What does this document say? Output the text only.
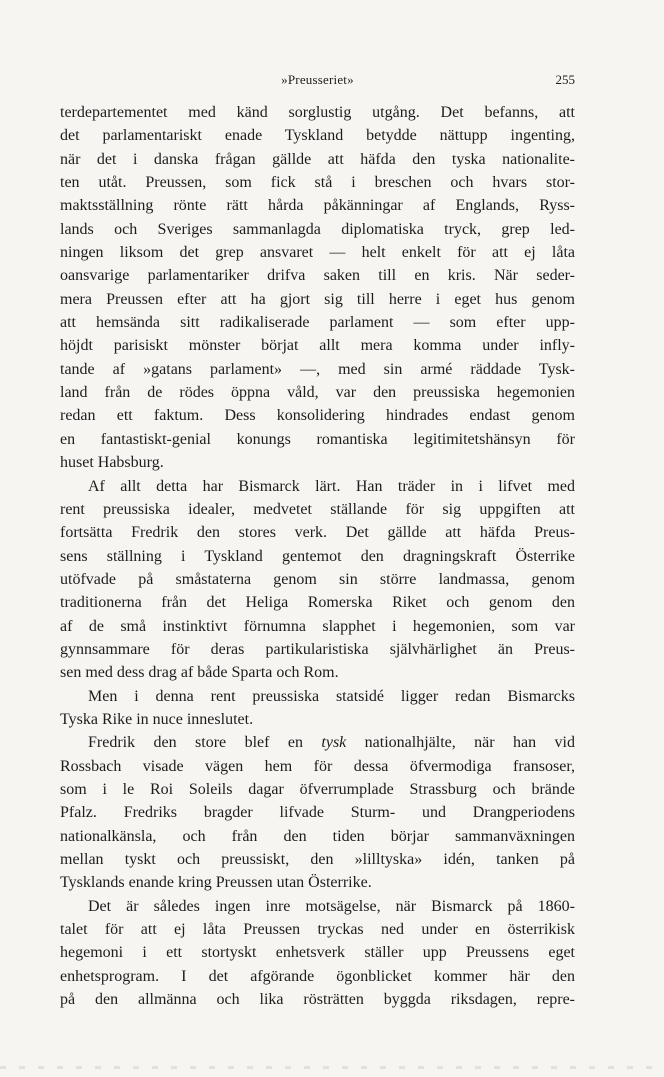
»Preusseriet»	255
terdepartementet med känd sorglustig utgång. Det befanns, att
det parlamentariskt enade Tyskland betydde nättupp ingenting,
när det i danska frågan gällde att häfda den tyska nationalite-
ten utåt. Preussen, som fick stå i breschen och hvars stor-
maktsställning rönte rätt hårda påkänningar af Englands, Ryss-
lands och Sveriges sammanlagda diplomatiska tryck, grep led-
ningen liksom det grep ansvaret — helt enkelt för att ej låta
oansvarige parlamentariker drifva saken till en kris. När seder-
mera Preussen efter att ha gjort sig till herre i eget hus genom
att hemsända sitt radikaliserade parlament — som efter upp-
höjdt parisiskt mönster börjat allt mera komma under infly-
tande af »gatans parlament» —, med sin armé räddade Tysk-
land från de rödes öppna våld, var den preussiska hegemonien
redan ett faktum. Dess konsolidering hindrades endast genom
en fantastiskt-genial konungs romantiska legitimitetshänsyn för
huset Habsburg.
Af allt detta har Bismarck lärt. Han träder in i lifvet med
rent preussiska idealer, medvetet ställande för sig uppgiften att
fortsätta Fredrik den stores verk. Det gällde att häfda Preus-
sens ställning i Tyskland gentemot den dragningskraft Österrike
utöfvade på småstaterna genom sin större landmassa, genom
traditionerna från det Heliga Romerska Riket och genom den
af de små instinktivt förnumna slapphet i hegemonien, som var
gynnsammare för deras partikularistiska självhärlighet än Preus-
sen med dess drag af både Sparta och Rom.
Men i denna rent preussiska statsidé ligger redan Bismarcks
Tyska Rike in nuce inneslutet.
Fredrik den store blef en tysk nationalhjälte, när han vid
Rossbach visade vägen hem för dessa öfvermodiga fransoser,
som i le Roi Soleils dagar öfverrumplade Strassburg och brände
Pfalz. Fredriks bragder lifvade Sturm- und Drangperiodens
nationalkänsla, och från den tiden börjar sammanväxningen
mellan tyskt och preussiskt, den »lilltyska» idén, tanken på
Tysklands enande kring Preussen utan Österrike.
Det är således ingen inre motsägelse, när Bismarck på 1860-
talet för att ej låta Preussen tryckas ned under en österrikisk
hegemoni i ett stortyskt enhetsverk ställer upp Preussens eget
enhetsprogram. I det afgörande ögonblicket kommer här den
på den allmänna och lika rösträtten byggda riksdagen, repre-
